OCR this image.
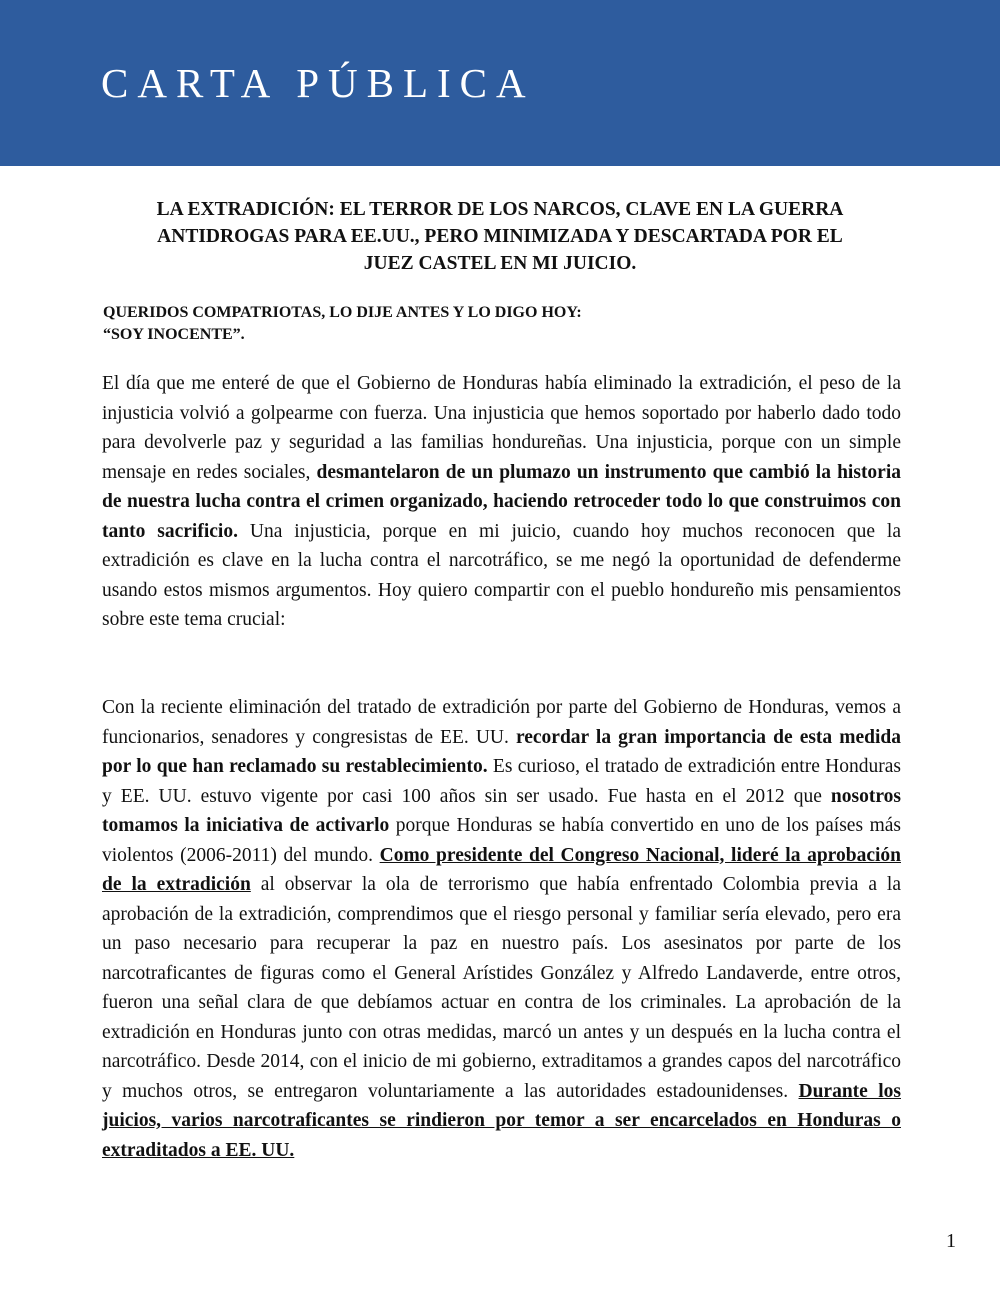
CARTA PÚBLICA
LA EXTRADICIÓN: EL TERROR DE LOS NARCOS, CLAVE EN LA GUERRA
ANTIDROGAS PARA EE.UU., PERO MINIMIZADA Y DESCARTADA POR EL
JUEZ CASTEL EN MI JUICIO.
QUERIDOS COMPATRIOTAS, LO DIJE ANTES Y LO DIGO HOY:
“SOY INOCENTE”.

El día que me enteré de que el Gobierno de Honduras había eliminado la extradición, el peso de la injusticia volvió a golpearme con fuerza. Una injusticia que hemos soportado por haberlo dado todo para devolverle paz y seguridad a las familias hondureñas. Una injusticia, porque con un simple mensaje en redes sociales, desmantelaron de un plumazo un instrumento que cambió la historia de nuestra lucha contra el crimen organizado, haciendo retroceder todo lo que construimos con tanto sacrificio. Una injusticia, porque en mi juicio, cuando hoy muchos reconocen que la extradición es clave en la lucha contra el narcotráfico, se me negó la oportunidad de defenderme usando estos mismos argumentos. Hoy quiero compartir con el pueblo hondureño mis pensamientos sobre este tema crucial:

Con la reciente eliminación del tratado de extradición por parte del Gobierno de Honduras, vemos a funcionarios, senadores y congresistas de EE. UU. recordar la gran importancia de esta medida por lo que han reclamado su restablecimiento. Es curioso, el tratado de extradición entre Honduras y EE. UU. estuvo vigente por casi 100 años sin ser usado. Fue hasta en el 2012 que nosotros tomamos la iniciativa de activarlo porque Honduras se había convertido en uno de los países más violentos (2006-2011) del mundo. Como presidente del Congreso Nacional, lideré la aprobación de la extradición al observar la ola de terrorismo que había enfrentado Colombia previa a la aprobación de la extradición, comprendimos que el riesgo personal y familiar sería elevado, pero era un paso necesario para recuperar la paz en nuestro país. Los asesinatos por parte de los narcotraficantes de figuras como el General Arístides González y Alfredo Landaverde, entre otros, fueron una señal clara de que debíamos actuar en contra de los criminales. La aprobación de la extradición en Honduras junto con otras medidas, marcó un antes y un después en la lucha contra el narcotráfico. Desde 2014, con el inicio de mi gobierno, extraditamos a grandes capos del narcotráfico y muchos otros, se entregaron voluntariamente a las autoridades estadounidenses. Durante los juicios, varios narcotraficantes se rindieron por temor a ser encarcelados en Honduras o extraditados a EE. UU.

1
